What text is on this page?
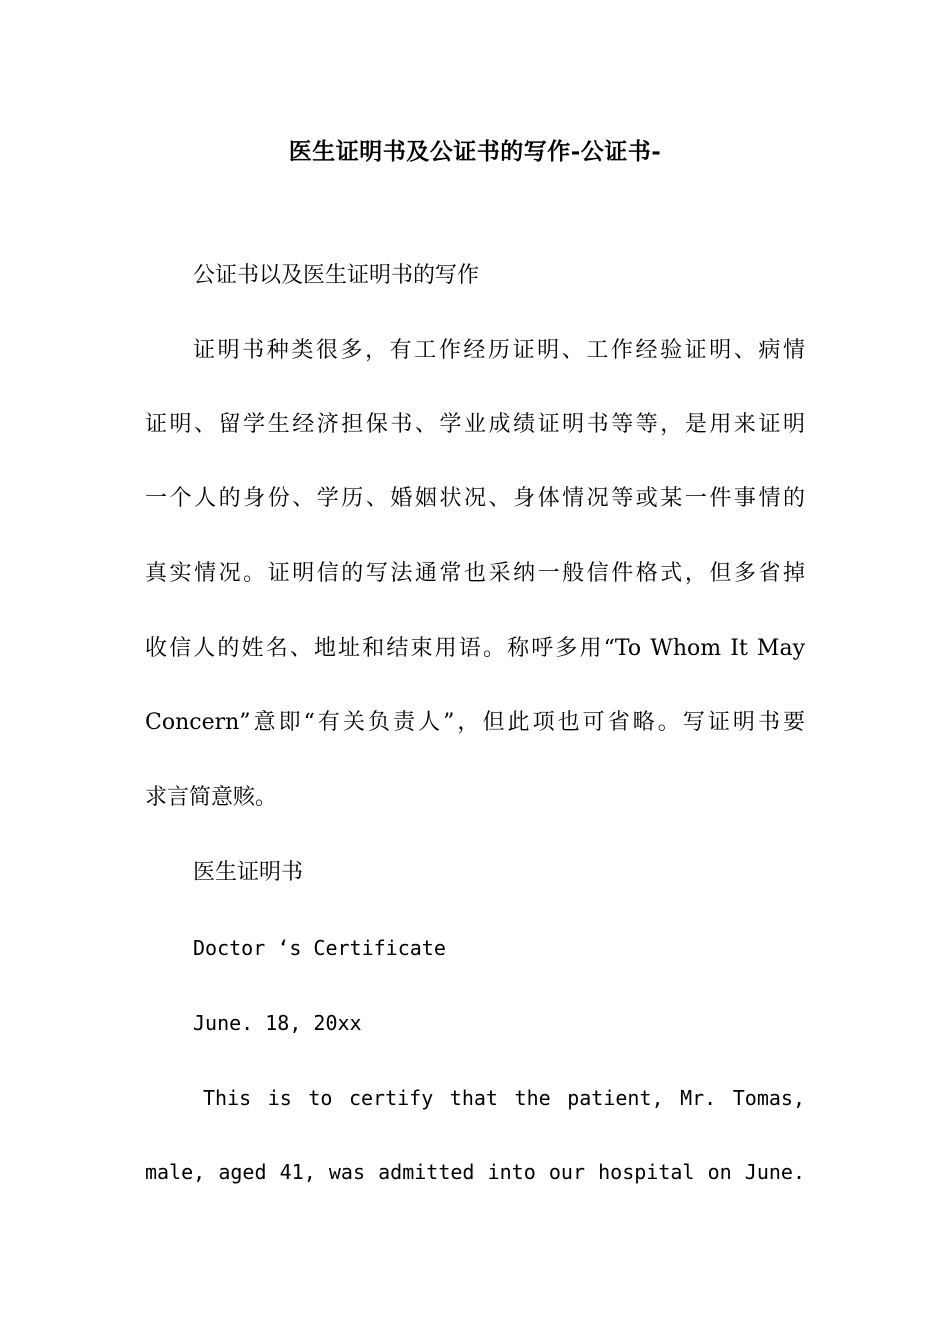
医生证明书及公证书的写作-公证书-
公证书以及医生证明书的写作
证明书种类很多，有工作经历证明、工作经验证明、病情
证明、留学生经济担保书、学业成绩证明书等等，是用来证明
一个人的身份、学历、婚姻状况、身体情况等或某一件事情的
真实情况。证明信的写法通常也采纳一般信件格式，但多省掉
收信人的姓名、地址和结束用语。称呼多用“To Whom It May
Concern”意即“有关负责人”，但此项也可省略。写证明书要
求言简意赅。
医生证明书
Doctor ‘s Certificate
June. 18, 20xx
This is to certify that the patient, Mr. Tomas,
male, aged 41, was admitted into our hospital on June.
